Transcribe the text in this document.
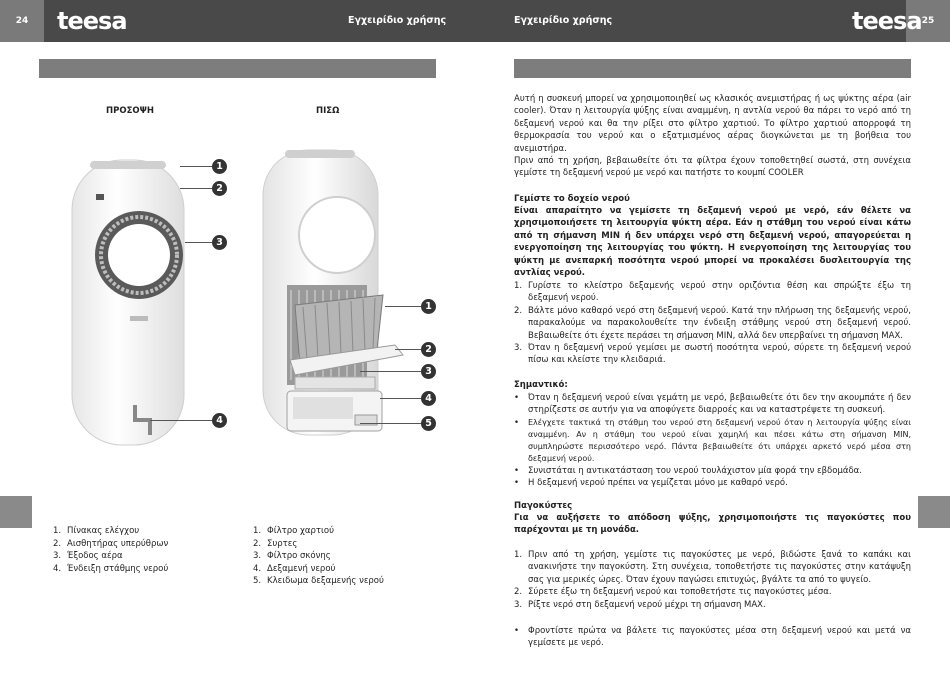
24	25
teesa	teesa
Εγχειρίδιο χρήσης	Εγχειρίδιο χρήσης
ΠΡΟΣΟΨΗ	ΠΙΣΩ
1
2
3
4
1
2
3
4
5
1. Πίνακας ελέγχου
2. Αισθητήρας υπερύθρων
3. Έξοδος αέρα
4. Ένδειξη στάθμης νερού
1. Φίλτρο χαρτιού
2. Συρτες
3. Φίλτρο σκόνης
4. Δεξαμενή νερού
5. Κλειδωμα δεξαμενής νερού
Αυτή η συσκευή μπορεί να χρησιμοποιηθεί ως κλασικός ανεμιστήρας ή ως ψύκτης αέρα (air cooler). Όταν η λειτουργία ψύξης είναι αναμμένη, η αντλία νερού θα πάρει το νερό από τη δεξαμενή νερού και θα την ρίξει στο φίλτρο χαρτιού. Το φίλτρο χαρτιού απορροφά τη θερμοκρασία του νερού και ο εξατμισμένος αέρας διογκώνεται με τη βοήθεια του ανεμιστήρα.
Πριν από τη χρήση, βεβαιωθείτε ότι τα φίλτρα έχουν τοποθετηθεί σωστά, στη συνέχεια γεμίστε τη δεξαμενή νερού με νερό και πατήστε το κουμπί COOLER
Γεμίστε το δοχείο νερού
Είναι απαραίτητο να γεμίσετε τη δεξαμενή νερού με νερό, εάν θέλετε να χρησιμοποιήσετε τη λειτουργία ψύκτη αέρα. Εάν η στάθμη του νερού είναι κάτω από τη σήμανση MIN ή δεν υπάρχει νερό στη δεξαμενή νερού, απαγορεύεται η ενεργοποίηση της λειτουργίας του ψύκτη. Η ενεργοποίηση της λειτουργίας του ψύκτη με ανεπαρκή ποσότητα νερού μπορεί να προκαλέσει δυσλειτουργία της αντλίας νερού.
1. Γυρίστε το κλείστρο δεξαμενής νερού στην οριζόντια θέση και σπρώξτε έξω τη δεξαμενή νερού.
2. Βάλτε μόνο καθαρό νερό στη δεξαμενή νερού. Κατά την πλήρωση της δεξαμενής νερού, παρακαλούμε να παρακολουθείτε την ένδειξη στάθμης νερού στη δεξαμενή νερού. Βεβαιωθείτε ότι έχετε περάσει τη σήμανση MIN, αλλά δεν υπερβαίνει τη σήμανση MAX.
3. Όταν η δεξαμενή νερού γεμίσει με σωστή ποσότητα νερού, σύρετε τη δεξαμενή νερού πίσω και κλείστε την κλειδαριά.
Σημαντικό:
•	Όταν η δεξαμενή νερού είναι γεμάτη με νερό, βεβαιωθείτε ότι δεν την ακουμπάτε ή δεν στηρίζεστε σε αυτήν για να αποφύγετε διαρροές και να καταστρέψετε τη συσκευή.
•	Ελέγχετε τακτικά τη στάθμη του νερού στη δεξαμενή νερού όταν η λειτουργία ψύξης είναι αναμμένη. Αν η στάθμη του νερού είναι χαμηλή και πέσει κάτω στη σήμανση MIN, συμπληρώστε περισσότερο νερό. Πάντα βεβαιωθείτε ότι υπάρχει αρκετό νερό μέσα στη δεξαμενή νερού.
•	Συνιστάται η αντικατάσταση του νερού τουλάχιστον μία φορά την εβδομάδα.
•	Η δεξαμενή νερού πρέπει να γεμίζεται μόνο με καθαρό νερό.
Παγοκύστες
Για να αυξήσετε το απόδοση ψύξης, χρησιμοποιήστε τις παγοκύστες που παρέχονται με τη μονάδα.
1. Πριν από τη χρήση, γεμίστε τις παγοκύστες με νερό, βιδώστε ξανά το καπάκι και ανακινήστε την παγοκύστη. Στη συνέχεια, τοποθετήστε τις παγοκύστες στην κατάψυξη σας για μερικές ώρες. Όταν έχουν παγώσει επιτυχώς, βγάλτε τα από το ψυγείο.
2. Σύρετε έξω τη δεξαμενή νερού και τοποθετήστε τις παγοκύστες μέσα.
3. Ρίξτε νερό στη δεξαμενή νερού μέχρι τη σήμανση MAX.
•	Φροντίστε πρώτα να βάλετε τις παγοκύστες μέσα στη δεξαμενή νερού και μετά να γεμίσετε με νερό.
